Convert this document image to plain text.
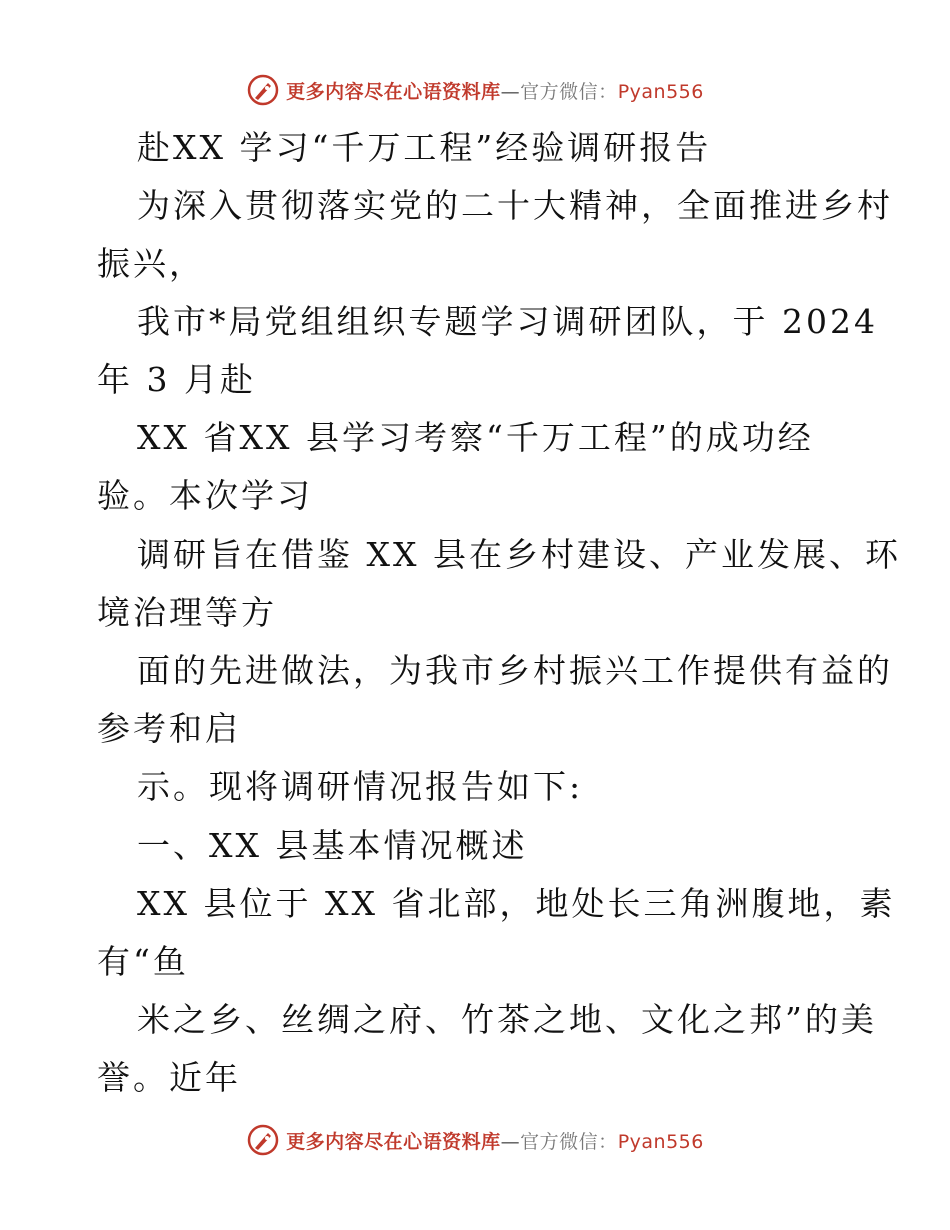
更多内容尽在心语资料库—官方微信：Pyan556
赴XX 学习“千万工程”经验调研报告
为深入贯彻落实党的二十大精神，全面推进乡村
振兴，
我市*局党组组织专题学习调研团队，于 2024
年 3 月赴
XX 省XX 县学习考察“千万工程”的成功经
验。本次学习
调研旨在借鉴 XX 县在乡村建设、产业发展、环
境治理等方
面的先进做法，为我市乡村振兴工作提供有益的
参考和启
示。现将调研情况报告如下:
一、XX 县基本情况概述
XX 县位于 XX 省北部，地处长三角洲腹地，素
有“鱼
米之乡、丝绸之府、竹茶之地、文化之邦”的美
誉。近年
更多内容尽在心语资料库—官方微信：Pyan556
